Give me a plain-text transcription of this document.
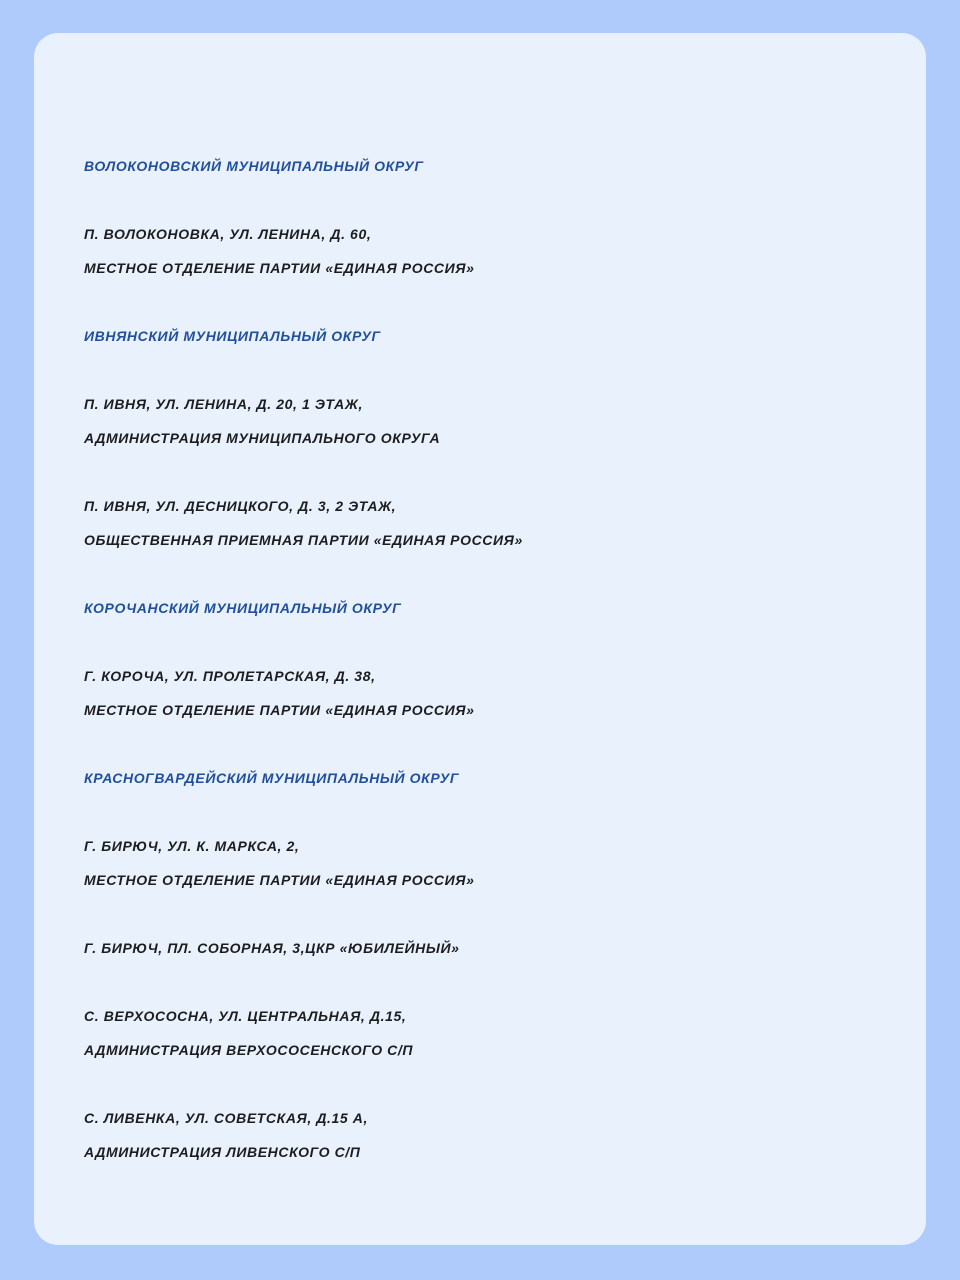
ВОЛОКОНОВСКИЙ МУНИЦИПАЛЬНЫЙ ОКРУГ

П. ВОЛОКОНОВКА, УЛ. ЛЕНИНА, Д. 60,

МЕСТНОЕ ОТДЕЛЕНИЕ ПАРТИИ «ЕДИНАЯ РОССИЯ»

ИВНЯНСКИЙ МУНИЦИПАЛЬНЫЙ ОКРУГ

П. ИВНЯ, УЛ. ЛЕНИНА, Д. 20, 1 ЭТАЖ,

АДМИНИСТРАЦИЯ МУНИЦИПАЛЬНОГО ОКРУГА

П. ИВНЯ, УЛ. ДЕСНИЦКОГО, Д. 3, 2 ЭТАЖ,

ОБЩЕСТВЕННАЯ ПРИЕМНАЯ ПАРТИИ «ЕДИНАЯ РОССИЯ»

КОРОЧАНСКИЙ МУНИЦИПАЛЬНЫЙ ОКРУГ

Г. КОРОЧА, УЛ. ПРОЛЕТАРСКАЯ, Д. 38,

МЕСТНОЕ ОТДЕЛЕНИЕ ПАРТИИ «ЕДИНАЯ РОССИЯ»

КРАСНОГВАРДЕЙСКИЙ МУНИЦИПАЛЬНЫЙ ОКРУГ

Г. БИРЮЧ, УЛ. К. МАРКСА, 2,

МЕСТНОЕ ОТДЕЛЕНИЕ ПАРТИИ «ЕДИНАЯ РОССИЯ»

Г. БИРЮЧ, ПЛ. СОБОРНАЯ, 3,ЦКР «ЮБИЛЕЙНЫЙ»

С. ВЕРХОСОСНА, УЛ. ЦЕНТРАЛЬНАЯ, Д.15,

АДМИНИСТРАЦИЯ ВЕРХОСОСЕНСКОГО С/П

С. ЛИВЕНКА, УЛ. СОВЕТСКАЯ, Д.15 А,

АДМИНИСТРАЦИЯ ЛИВЕНСКОГО С/П
